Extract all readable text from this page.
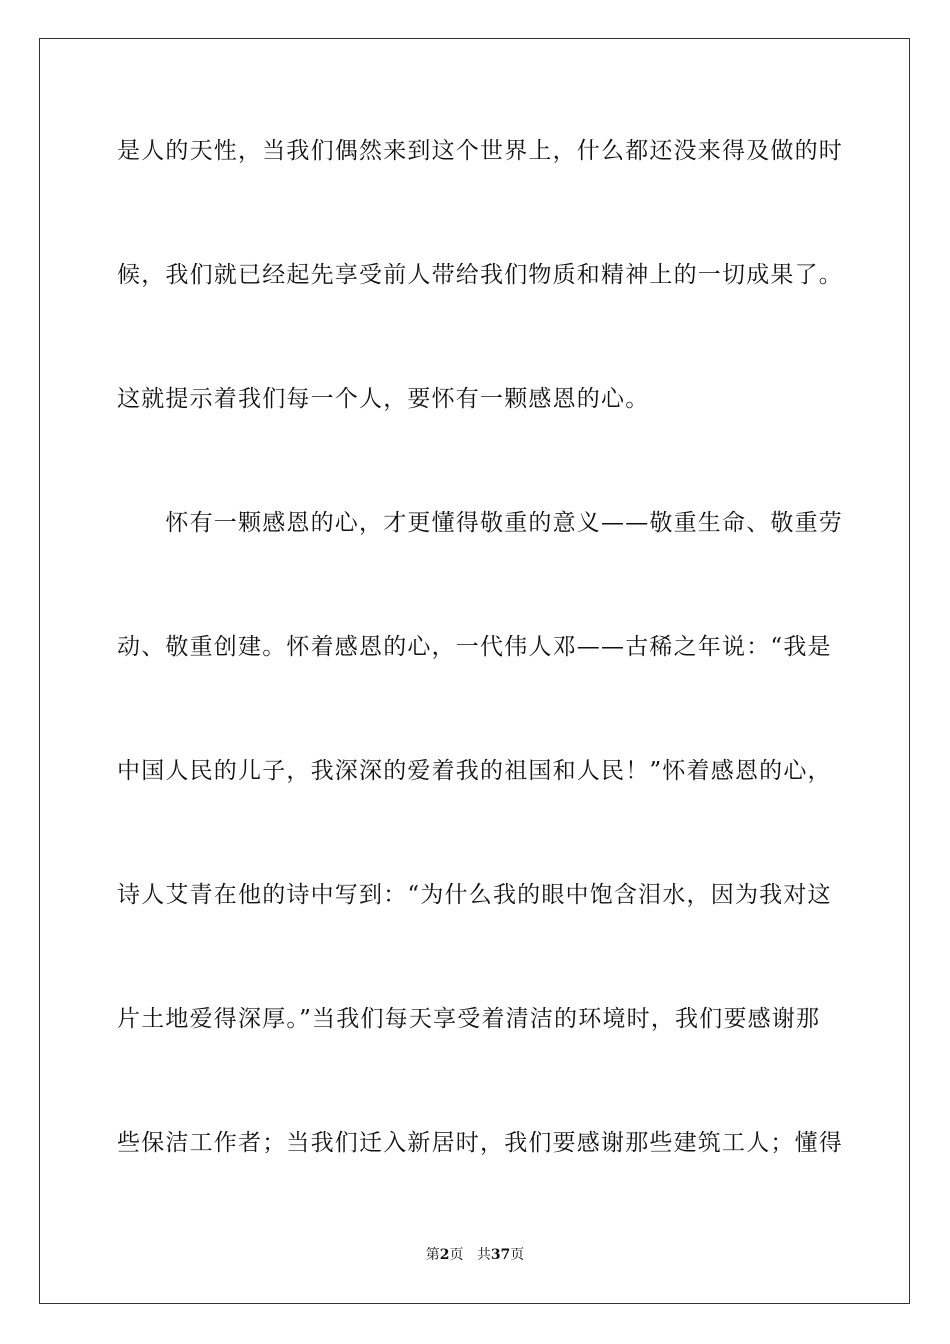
是人的天性，当我们偶然来到这个世界上，什么都还没来得及做的时
候，我们就已经起先享受前人带给我们物质和精神上的一切成果了。
这就提示着我们每一个人，要怀有一颗感恩的心。
　　怀有一颗感恩的心，才更懂得敬重的意义——敬重生命、敬重劳
动、敬重创建。怀着感恩的心，一代伟人邓——古稀之年说：“我是
中国人民的儿子，我深深的爱着我的祖国和人民！”怀着感恩的心，
诗人艾青在他的诗中写到：“为什么我的眼中饱含泪水，因为我对这
片土地爱得深厚。”当我们每天享受着清洁的环境时，我们要感谢那
些保洁工作者；当我们迁入新居时，我们要感谢那些建筑工人；懂得
第2页 共37页
